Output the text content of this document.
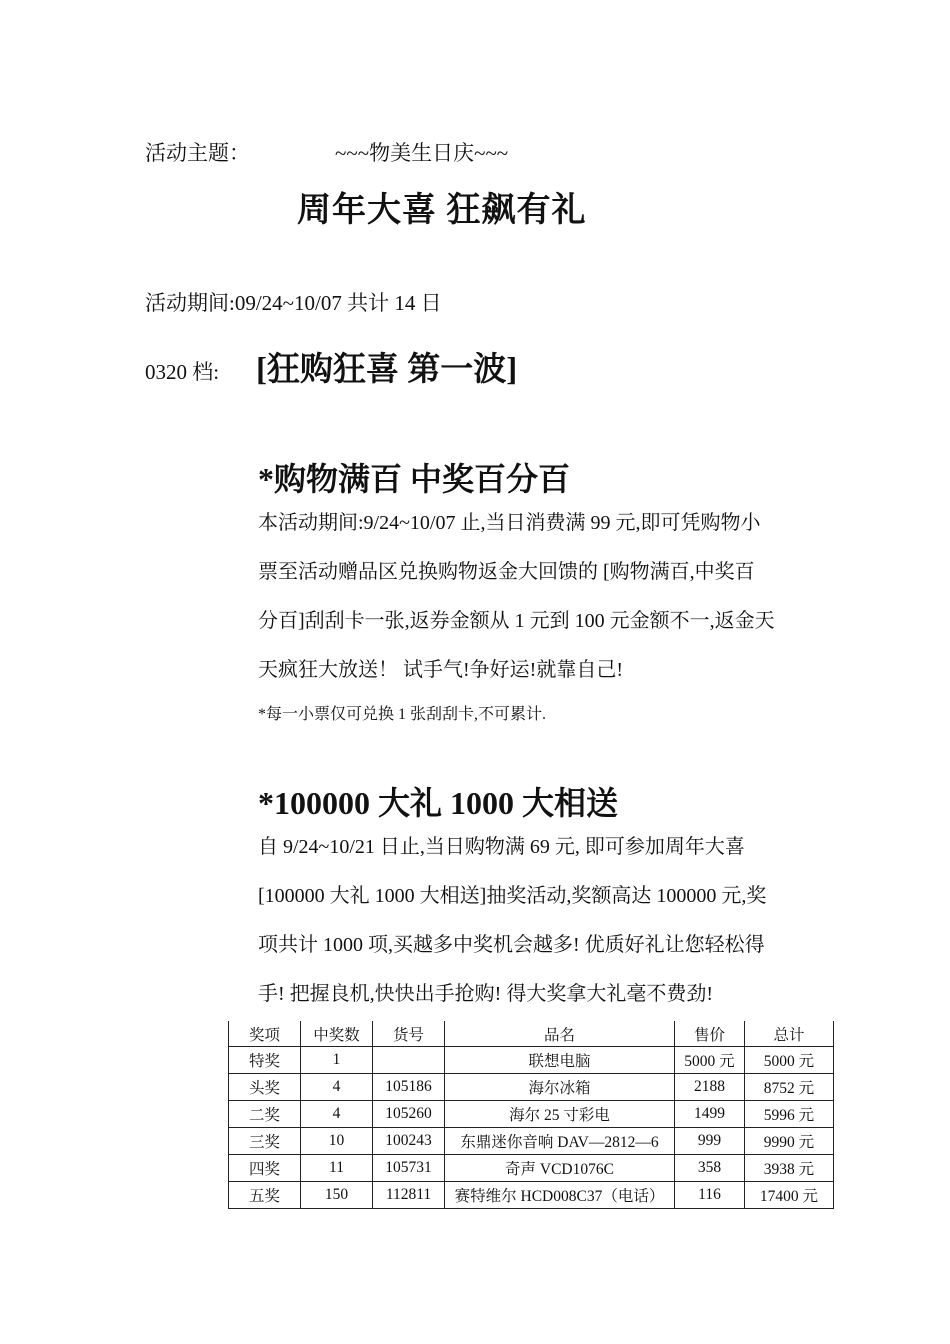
活动主题：	~~~物美生日庆~~~
周年大喜 狂飙有礼
活动期间:09/24~10/07 共计 14 日
0320 档: [狂购狂喜 第一波]
*购物满百 中奖百分百
本活动期间:9/24~10/07 止,当日消费满 99 元,即可凭购物小
票至活动赠品区兑换购物返金大回馈的 [购物满百,中奖百
分百]刮刮卡一张,返券金额从 1 元到 100 元金额不一,返金天
天疯狂大放送！ 试手气!争好运!就靠自己!
*每一小票仅可兑换 1 张刮刮卡,不可累计.
*100000 大礼 1000 大相送
自 9/24~10/21 日止,当日购物满 69 元, 即可参加周年大喜
[100000 大礼 1000 大相送]抽奖活动,奖额高达 100000 元,奖
项共计 1000 项,买越多中奖机会越多! 优质好礼让您轻松得
手! 把握良机,快快出手抢购! 得大奖拿大礼毫不费劲!
奖项	中奖数	货号	品名	售价	总计
特奖	1		联想电脑	5000 元	5000 元
头奖	4	105186	海尔冰箱	2188	8752 元
二奖	4	105260	海尔 25 寸彩电	1499	5996 元
三奖	10	100243	东鼎迷你音响 DAV—2812—6	999	9990 元
四奖	11	105731	奇声 VCD1076C	358	3938 元
五奖	150	112811	赛特维尔 HCD008C37（电话）	116	17400 元
